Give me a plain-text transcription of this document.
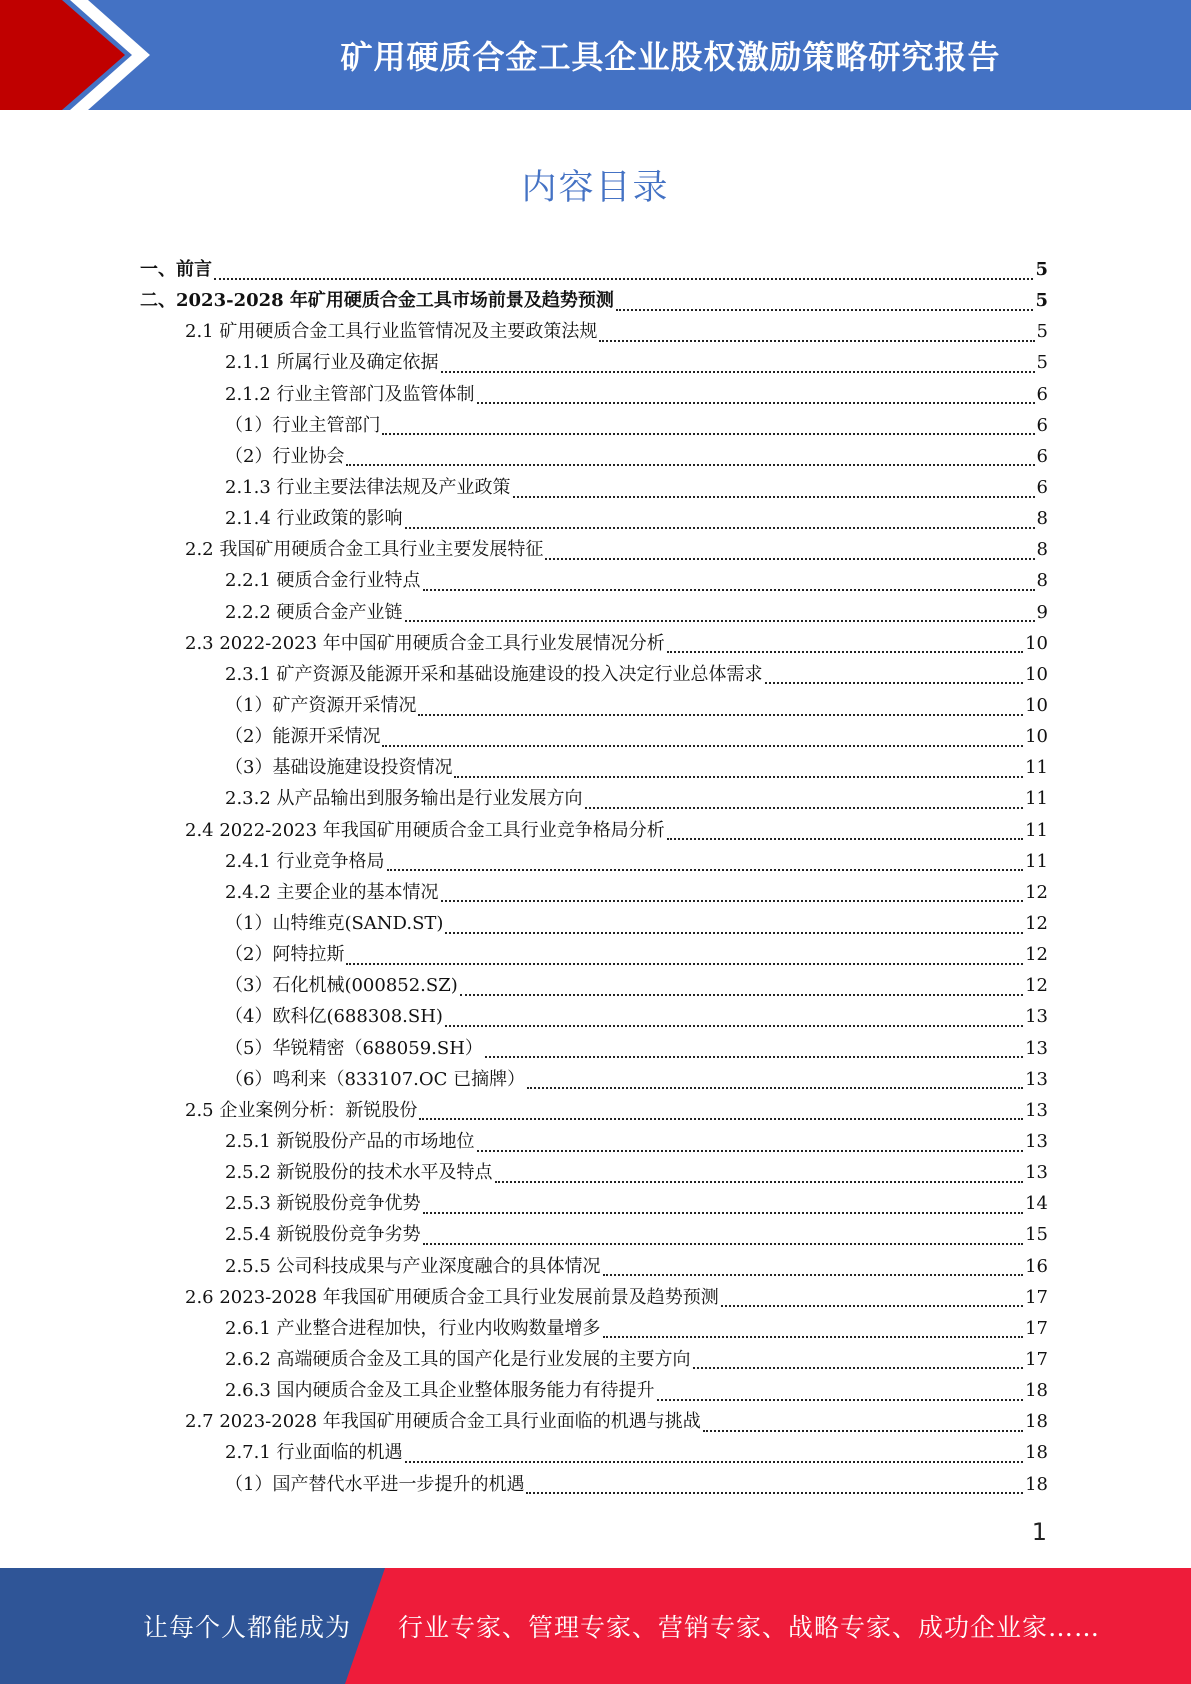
矿用硬质合金工具企业股权激励策略研究报告
内容目录
一、前言	5
二、2023-2028 年矿用硬质合金工具市场前景及趋势预测	5
2.1 矿用硬质合金工具行业监管情况及主要政策法规	5
2.1.1 所属行业及确定依据	5
2.1.2 行业主管部门及监管体制	6
（1）行业主管部门	6
（2）行业协会	6
2.1.3 行业主要法律法规及产业政策	6
2.1.4 行业政策的影响	8
2.2 我国矿用硬质合金工具行业主要发展特征	8
2.2.1 硬质合金行业特点	8
2.2.2 硬质合金产业链	9
2.3 2022-2023 年中国矿用硬质合金工具行业发展情况分析	10
2.3.1 矿产资源及能源开采和基础设施建设的投入决定行业总体需求	10
（1）矿产资源开采情况	10
（2）能源开采情况	10
（3）基础设施建设投资情况	11
2.3.2 从产品输出到服务输出是行业发展方向	11
2.4 2022-2023 年我国矿用硬质合金工具行业竞争格局分析	11
2.4.1 行业竞争格局	11
2.4.2 主要企业的基本情况	12
（1）山特维克(SAND.ST)	12
（2）阿特拉斯	12
（3）石化机械(000852.SZ)	12
（4）欧科亿(688308.SH)	13
（5）华锐精密（688059.SH）	13
（6）鸣利来（833107.OC 已摘牌）	13
2.5 企业案例分析：新锐股份	13
2.5.1 新锐股份产品的市场地位	13
2.5.2 新锐股份的技术水平及特点	13
2.5.3 新锐股份竞争优势	14
2.5.4 新锐股份竞争劣势	15
2.5.5 公司科技成果与产业深度融合的具体情况	16
2.6 2023-2028 年我国矿用硬质合金工具行业发展前景及趋势预测	17
2.6.1 产业整合进程加快，行业内收购数量增多	17
2.6.2 高端硬质合金及工具的国产化是行业发展的主要方向	17
2.6.3 国内硬质合金及工具企业整体服务能力有待提升	18
2.7 2023-2028 年我国矿用硬质合金工具行业面临的机遇与挑战	18
2.7.1 行业面临的机遇	18
（1）国产替代水平进一步提升的机遇	18
1
让每个人都能成为 行业专家、管理专家、营销专家、战略专家、成功企业家……
